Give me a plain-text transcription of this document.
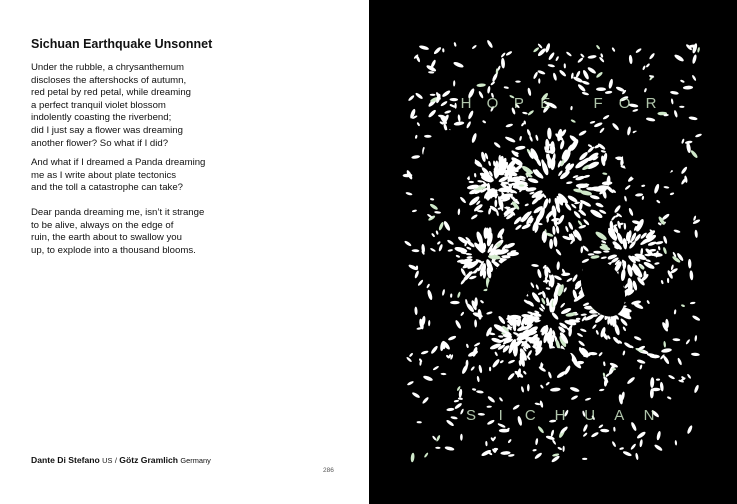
Sichuan Earthquake Unsonnet

Under the rubble, a chrysanthemum
discloses the aftershocks of autumn,
red petal by red petal, while dreaming
a perfect tranquil violet blossom
indolently coasting the riverbend;
did I just say a flower was dreaming
another flower? So what if I did?

And what if I dreamed a Panda dreaming
me as I write about plate tectonics
and the toll a catastrophe can take?

Dear panda dreaming me, isn’t it strange
to be alive, always on the edge of
ruin, the earth about to swallow you
up, to explode into a thousand blooms.

Dante Di Stefano US / Götz Gramlich Germany
286
H O P E	F O R
S I C H U A N
